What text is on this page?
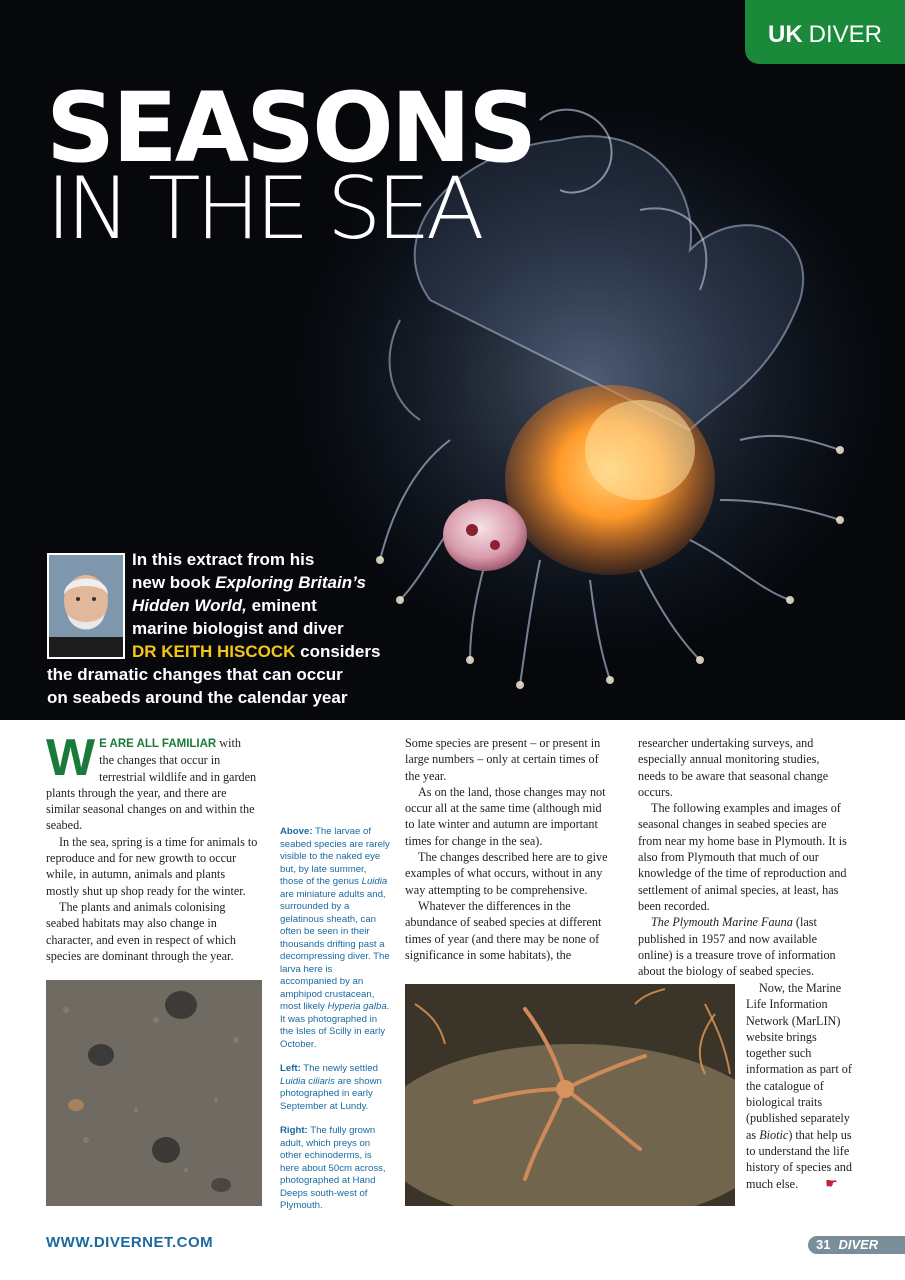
UK DIVER
SEASONS
IN THE SEA
In this extract from his
new book Exploring Britain’s
Hidden World, eminent
marine biologist and diver
DR KEITH HISCOCK considers
the dramatic changes that can occur
on seabeds around the calendar year

W E ARE ALL FAMILIAR with the changes that occur in terrestrial wildlife and in garden plants through the year, and there are similar seasonal changes on and within the seabed.

In the sea, spring is a time for animals to reproduce and for new growth to occur while, in autumn, animals and plants mostly shut up shop ready for the winter.

The plants and animals colonising seabed habitats may also change in character, and even in respect of which species are dominant through the year.

Above: The larvae of seabed species are rarely visible to the naked eye but, by late summer, those of the genus Luidia are miniature adults and, surrounded by a gelatinous sheath, can often be seen in their thousands drifting past a decompressing diver. The larva here is accompanied by an amphipod crustacean, most likely Hyperia galba. It was photographed in the Isles of Scilly in early October.

Left: The newly settled Luidia ciliaris are shown photographed in early September at Lundy.

Right: The fully grown adult, which preys on other echinoderms, is here about 50cm across, photographed at Hand Deeps south-west of Plymouth.

Some species are present – or present in large numbers – only at certain times of the year.

As on the land, those changes may not occur all at the same time (although mid to late winter and autumn are important times for change in the sea).

The changes described here are to give examples of what occurs, without in any way attempting to be comprehensive.

Whatever the differences in the abundance of seabed species at different times of year (and there may be none of significance in some habitats), the

researcher undertaking surveys, and especially annual monitoring studies, needs to be aware that seasonal change occurs.

The following examples and images of seasonal changes in seabed species are from near my home base in Plymouth. It is also from Plymouth that much of our knowledge of the time of reproduction and settlement of animal species, at least, has been recorded.

The Plymouth Marine Fauna (last published in 1957 and now available online) is a treasure trove of information about the biology of seabed species.

Now, the Marine Life Information Network (MarLIN) website brings together such information as part of the catalogue of biological traits (published separately as Biotic) that help us to understand the life history of species and much else. ☛

WWW.DIVERNET.COM	31 DIVER
